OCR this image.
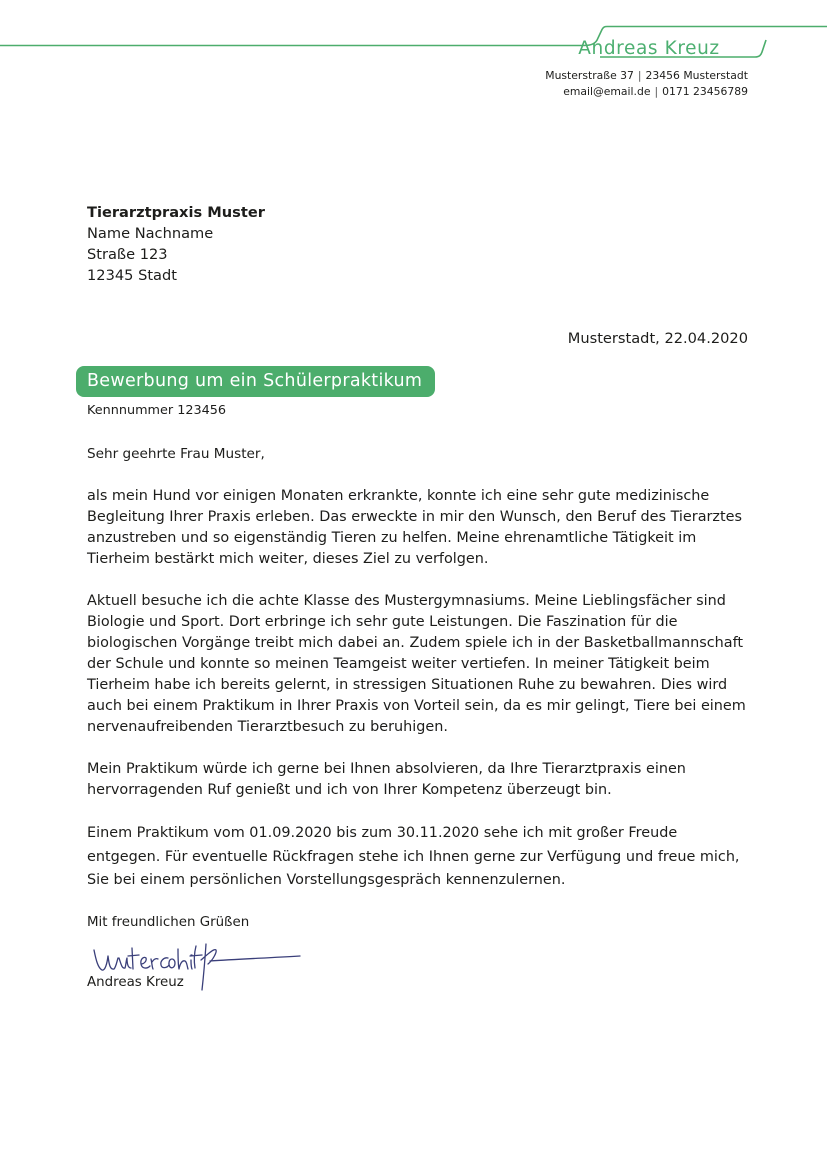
Andreas Kreuz
Musterstraße 37 | 23456 Musterstadt
email@email.de | 0171 23456789
Tierarztpraxis Muster
Name Nachname
Straße 123
12345 Stadt
Musterstadt, 22.04.2020
Bewerbung um ein Schülerpraktikum
Kennnummer 123456
Sehr geehrte Frau Muster,

als mein Hund vor einigen Monaten erkrankte, konnte ich eine sehr gute medizinische Begleitung Ihrer Praxis erleben. Das erweckte in mir den Wunsch, den Beruf des Tierarztes anzustreben und so eigenständig Tieren zu helfen. Meine ehrenamtliche Tätigkeit im Tierheim bestärkt mich weiter, dieses Ziel zu verfolgen.

Aktuell besuche ich die achte Klasse des Mustergymnasiums. Meine Lieblingsfächer sind Biologie und Sport. Dort erbringe ich sehr gute Leistungen. Die Faszination für die biologischen Vorgänge treibt mich dabei an. Zudem spiele ich in der Basketballmannschaft der Schule und konnte so meinen Teamgeist weiter vertiefen. In meiner Tätigkeit beim Tierheim habe ich bereits gelernt, in stressigen Situationen Ruhe zu bewahren. Dies wird auch bei einem Praktikum in Ihrer Praxis von Vorteil sein, da es mir gelingt, Tiere bei einem nervenaufreibenden Tierarztbesuch zu beruhigen.

Mein Praktikum würde ich gerne bei Ihnen absolvieren, da Ihre Tierarztpraxis einen hervorragenden Ruf genießt und ich von Ihrer Kompetenz überzeugt bin.

Einem Praktikum vom 01.09.2020 bis zum 30.11.2020 sehe ich mit großer Freude entgegen. Für eventuelle Rückfragen stehe ich Ihnen gerne zur Verfügung und freue mich, Sie bei einem persönlichen Vorstellungsgespräch kennenzulernen.

Mit freundlichen Grüßen
Andreas Kreuz
